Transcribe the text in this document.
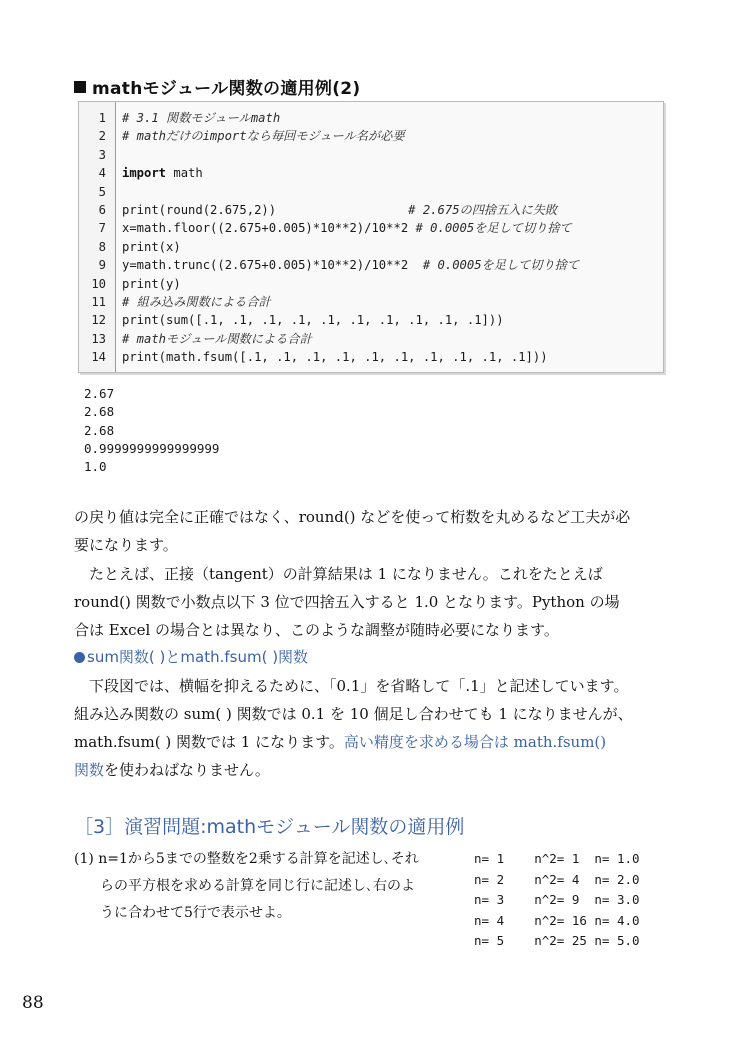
mathモジュール関数の適用例(2)
1 # 3.1 関数モジュールmath
2 # mathだけのimportなら毎回モジュール名が必要
3
4 import math
5
6 print(round(2.675,2))                  # 2.675の四捨五入に失敗
7 x=math.floor((2.675+0.005)*10**2)/10**2 # 0.0005を足して切り捨て
8 print(x)
9 y=math.trunc((2.675+0.005)*10**2)/10**2  # 0.0005を足して切り捨て
10 print(y)
11 # 組み込み関数による合計
12 print(sum([.1, .1, .1, .1, .1, .1, .1, .1, .1, .1]))
13 # mathモジュール関数による合計
14 print(math.fsum([.1, .1, .1, .1, .1, .1, .1, .1, .1, .1]))
2.67
2.68
2.68
0.9999999999999999
1.0
の戻り値は完全に正確ではなく、round() などを使って桁数を丸めるなど工夫が必
要になります。
　たとえば、正接（tangent）の計算結果は 1 になりません。これをたとえば
round() 関数で小数点以下 3 位で四捨五入すると 1.0 となります。Python の場
合は Excel の場合とは異なり、このような調整が随時必要になります。
sum関数( )とmath.fsum( )関数
　下段図では、横幅を抑えるために、「0.1」を省略して「.1」と記述しています。
組み込み関数の sum( ) 関数では 0.1 を 10 個足し合わせても 1 になりませんが、
math.fsum( ) 関数では 1 になります。高い精度を求める場合は math.fsum()
関数を使わねばなりません。
［3］演習問題:mathモジュール関数の適用例
(1) n=1から5までの整数を2乗する計算を記述し､それ
らの平方根を求める計算を同じ行に記述し､右のよ
うに合わせて5行で表示せよ。
n= 1    n^2= 1  n= 1.0
n= 2    n^2= 4  n= 2.0
n= 3    n^2= 9  n= 3.0
n= 4    n^2= 16 n= 4.0
n= 5    n^2= 25 n= 5.0
88
